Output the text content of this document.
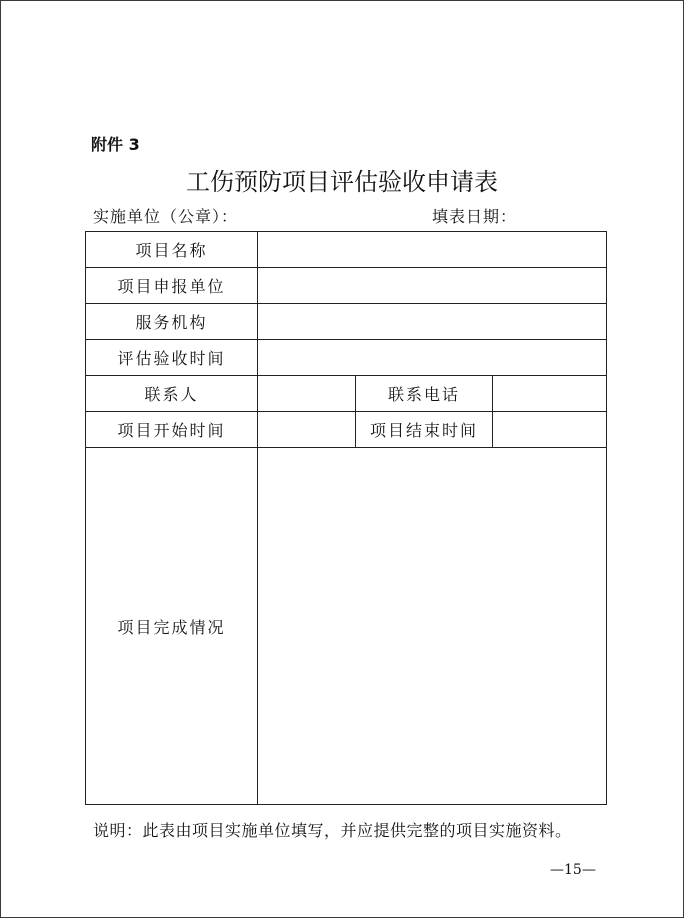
附件 3
工伤预防项目评估验收申请表
实施单位（公章）：	填表日期：
项目名称			
项目申报单位			
服务机构			
评估验收时间			
联系人		联系电话	
项目开始时间		项目结束时间	
项目完成情况			
说明：此表由项目实施单位填写，并应提供完整的项目实施资料。
—15—
